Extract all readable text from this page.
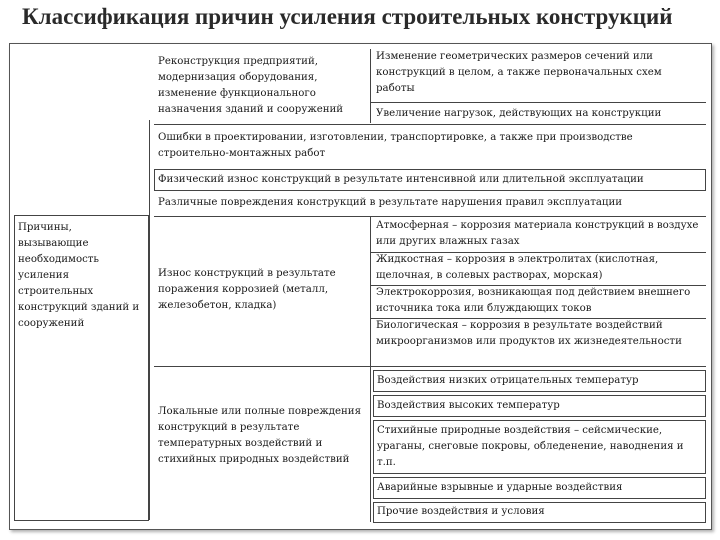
Классификация причин усиления строительных конструкций
Причины, вызывающие необходимость усиления строительных конструкций зданий и сооружений
Реконструкция предприятий, модернизация оборудования, изменение функционального назначения зданий и сооружений
Изменение геометрических размеров сечений или конструкций в целом, а также первоначальных схем работы
Увеличение нагрузок, действующих на конструкции
Ошибки в проектировании, изготовлении, транспортировке, а также при производстве строительно-монтажных работ
Физический износ конструкций в результате интенсивной или длительной эксплуатации
Различные повреждения конструкций в результате нарушения правил эксплуатации
Износ конструкций в результате поражения коррозией (металл, железобетон, кладка)
Атмосферная – коррозия материала конструкций в воздухе или других влажных газах
Жидкостная – коррозия в электролитах (кислотная, щелочная, в солевых растворах, морская)
Электрокоррозия, возникающая под действием внешнего источника тока или блуждающих токов
Биологическая – коррозия в результате воздействий микроорганизмов или продуктов их жизнедеятельности
Локальные или полные повреждения конструкций в результате температурных воздействий и стихийных природных воздействий
Воздействия низких отрицательных температур
Воздействия высоких температур
Стихийные природные воздействия – сейсмические, ураганы, снеговые покровы, обледенение, наводнения и т.п.
Аварийные взрывные и ударные воздействия
Прочие воздействия и условия
